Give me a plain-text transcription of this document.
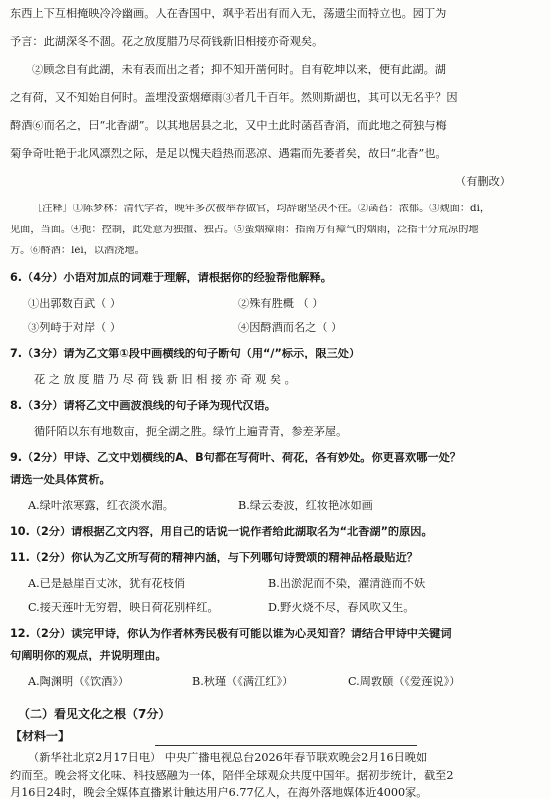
东西上下互相掩映冷冷幽画。人在香国中，飒乎若出有而入无，荡遗尘而特立也。园丁为
予言：此湖深冬不涸。花之放度腊乃尽荷钱新旧相接亦奇观矣。
②顾念自有此湖，未有表而出之者；抑不知开凿何时。自有乾坤以来，便有此湖。湖
之有荷，又不知始自何时。盖埋没蛮烟瘴雨③者几千百年。然则斯湖也，其可以无名乎？因
酹酒⑥而名之，曰“北香湖”。以其地居县之北，又中土此时菡萏香消，而此地之荷独与梅
菊争奇吐艳于北风凛烈之际，是足以愧夫趋热而恶凉、遇霜而先萎者矣，故曰“北香”也。
（有删改）
［注释］①陈梦林：清代学者，晚年多次被举荐做官，均辞谢坚决不往。②菡萏：浓郁。③觌面：dí，
见面，当面。④扼：控制，此处意为独擅、独占。⑤蛮烟瘴雨：指南方有瘴气的烟雨，泛指十分荒凉的地
方。⑥酹酒：lèi，以酒浇地。
6.（4分）小语对加点的词难于理解，请根据你的经验帮他解释。
①出郭数百武（ ）	②殊有胜概 （ ）
③列峙于对岸（ ）	④因酹酒而名之（ ）
7.（3分）请为乙文第①段中画横线的句子断句（用“/”标示，限三处）
花 之 放 度 腊 乃 尽 荷 钱 新 旧 相 接 亦 奇 观 矣 。
8.（3分）请将乙文中画波浪线的句子译为现代汉语。
循阡陌以东有地数亩，扼全湖之胜。绿竹上遍青青，参差茅屋。
9.（2分）甲诗、乙文中划横线的A、B句都在写荷叶、荷花，各有妙处。你更喜欢哪一处？
请选一处具体赏析。
A.绿叶浓寒露，红衣淡水湄。	B.绿云委波，红妆艳冰如画
10.（2分）请根据乙文内容，用自己的话说一说作者给此湖取名为“北香湖”的原因。
11.（2分）你认为乙文所写荷的精神内涵，与下列哪句诗赞颂的精神品格最贴近？
A.已是悬崖百丈冰，犹有花枝俏	B.出淤泥而不染，濯清涟而不妖
C.接天莲叶无穷碧，映日荷花别样红。	D.野火烧不尽，春风吹又生。
12.（2分）读完甲诗，你认为作者林秀民极有可能以谁为心灵知音？请结合甲诗中关键词
句阐明你的观点，并说明理由。
A.陶渊明（《饮酒》）	B.秋瑾（《满江红》）	C.周敦颐（《爱莲说》）
（二）看见文化之根（7分）
【材料一】
（新华社北京2月17日电） 中央广播电视总台2026年春节联欢晚会2月16日晚如
约而至。晚会将文化味、科技感融为一体，陪伴全球观众共度中国年。据初步统计，截至2
月16日24时，晚会全媒体直播累计触达用户6.77亿人，在海外落地媒体近4000家。
